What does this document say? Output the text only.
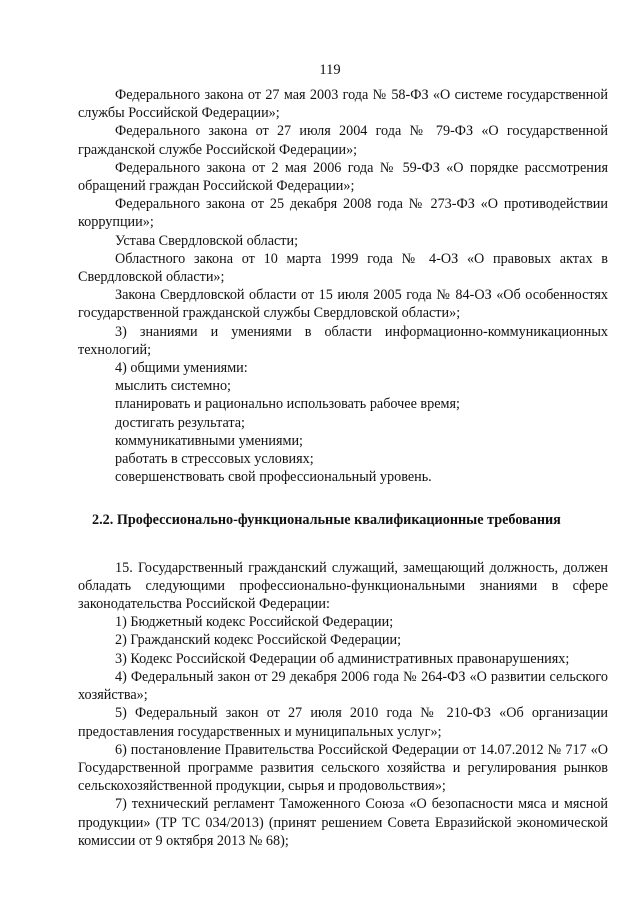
119

Федерального закона от 27 мая 2003 года № 58-ФЗ «О системе государственной службы Российской Федерации»;

Федерального закона от 27 июля 2004 года № 79-ФЗ «О государственной гражданской службе Российской Федерации»;

Федерального закона от 2 мая 2006 года № 59-ФЗ «О порядке рассмотрения обращений граждан Российской Федерации»;

Федерального закона от 25 декабря 2008 года № 273-ФЗ «О противодействии коррупции»;

Устава Свердловской области;

Областного закона от 10 марта 1999 года № 4-ОЗ «О правовых актах в Свердловской области»;

Закона Свердловской области от 15 июля 2005 года № 84-ОЗ «Об особенностях государственной гражданской службы Свердловской области»;

3) знаниями и умениями в области информационно-коммуникационных технологий;

4) общими умениями:

мыслить системно;

планировать и рационально использовать рабочее время;

достигать результата;

коммуникативными умениями;

работать в стрессовых условиях;

совершенствовать свой профессиональный уровень.

2.2. Профессионально-функциональные квалификационные требования

15. Государственный гражданский служащий, замещающий должность, должен обладать следующими профессионально-функциональными знаниями в сфере законодательства Российской Федерации:

1) Бюджетный кодекс Российской Федерации;

2) Гражданский кодекс Российской Федерации;

3) Кодекс Российской Федерации об административных правонарушениях;

4) Федеральный закон от 29 декабря 2006 года № 264-ФЗ «О развитии сельского хозяйства»;

5) Федеральный закон от 27 июля 2010 года № 210-ФЗ «Об организации предоставления государственных и муниципальных услуг»;

6) постановление Правительства Российской Федерации от 14.07.2012 № 717 «О Государственной программе развития сельского хозяйства и регулирования рынков сельскохозяйственной продукции, сырья и продовольствия»;

7) технический регламент Таможенного Союза «О безопасности мяса и мясной продукции» (ТР ТС 034/2013) (принят решением Совета Евразийской экономической комиссии от 9 октября 2013 № 68);
